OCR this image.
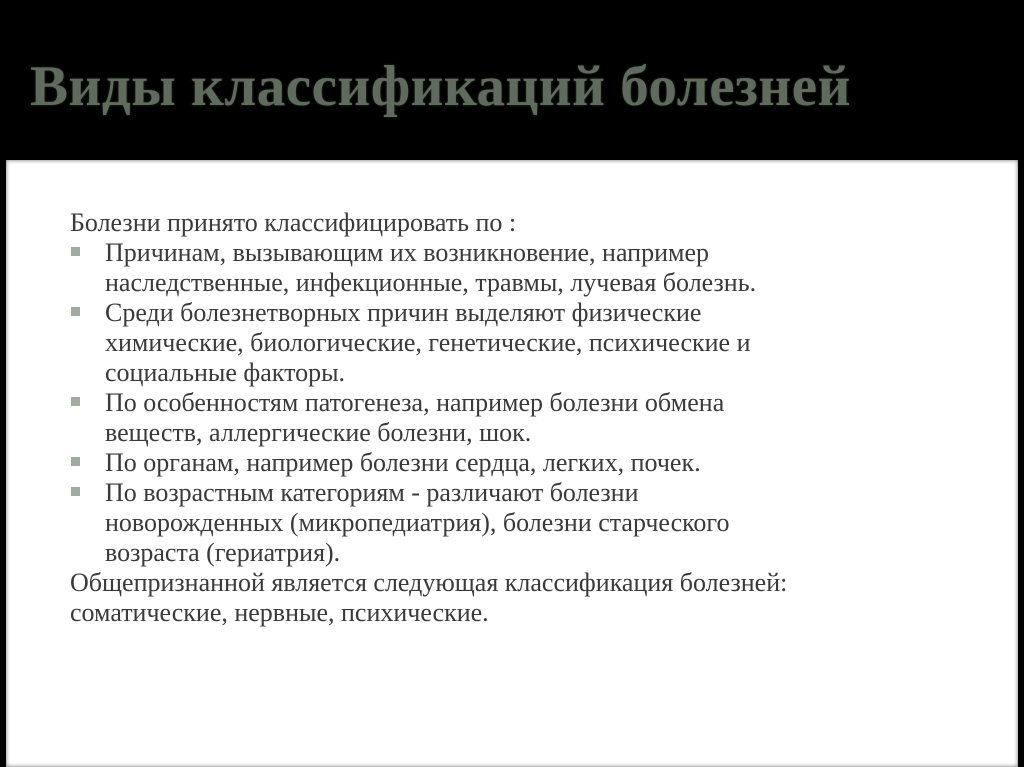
Виды классификаций болезней

Болезни принято классифицировать по :

Причинам, вызывающим их возникновение, например
наследственные, инфекционные, травмы, лучевая болезнь.
Среди болезнетворных причин выделяют физические
химические, биологические, генетические, психические и
социальные факторы.
По особенностям патогенеза, например болезни обмена
веществ, аллергические болезни, шок.
По органам, например болезни сердца, легких, почек.
По возрастным категориям - различают болезни
новорожденных (микропедиатрия), болезни старческого
возраста (гериатрия).
Общепризнанной является следующая классификация болезней:
соматические, нервные, психические.
